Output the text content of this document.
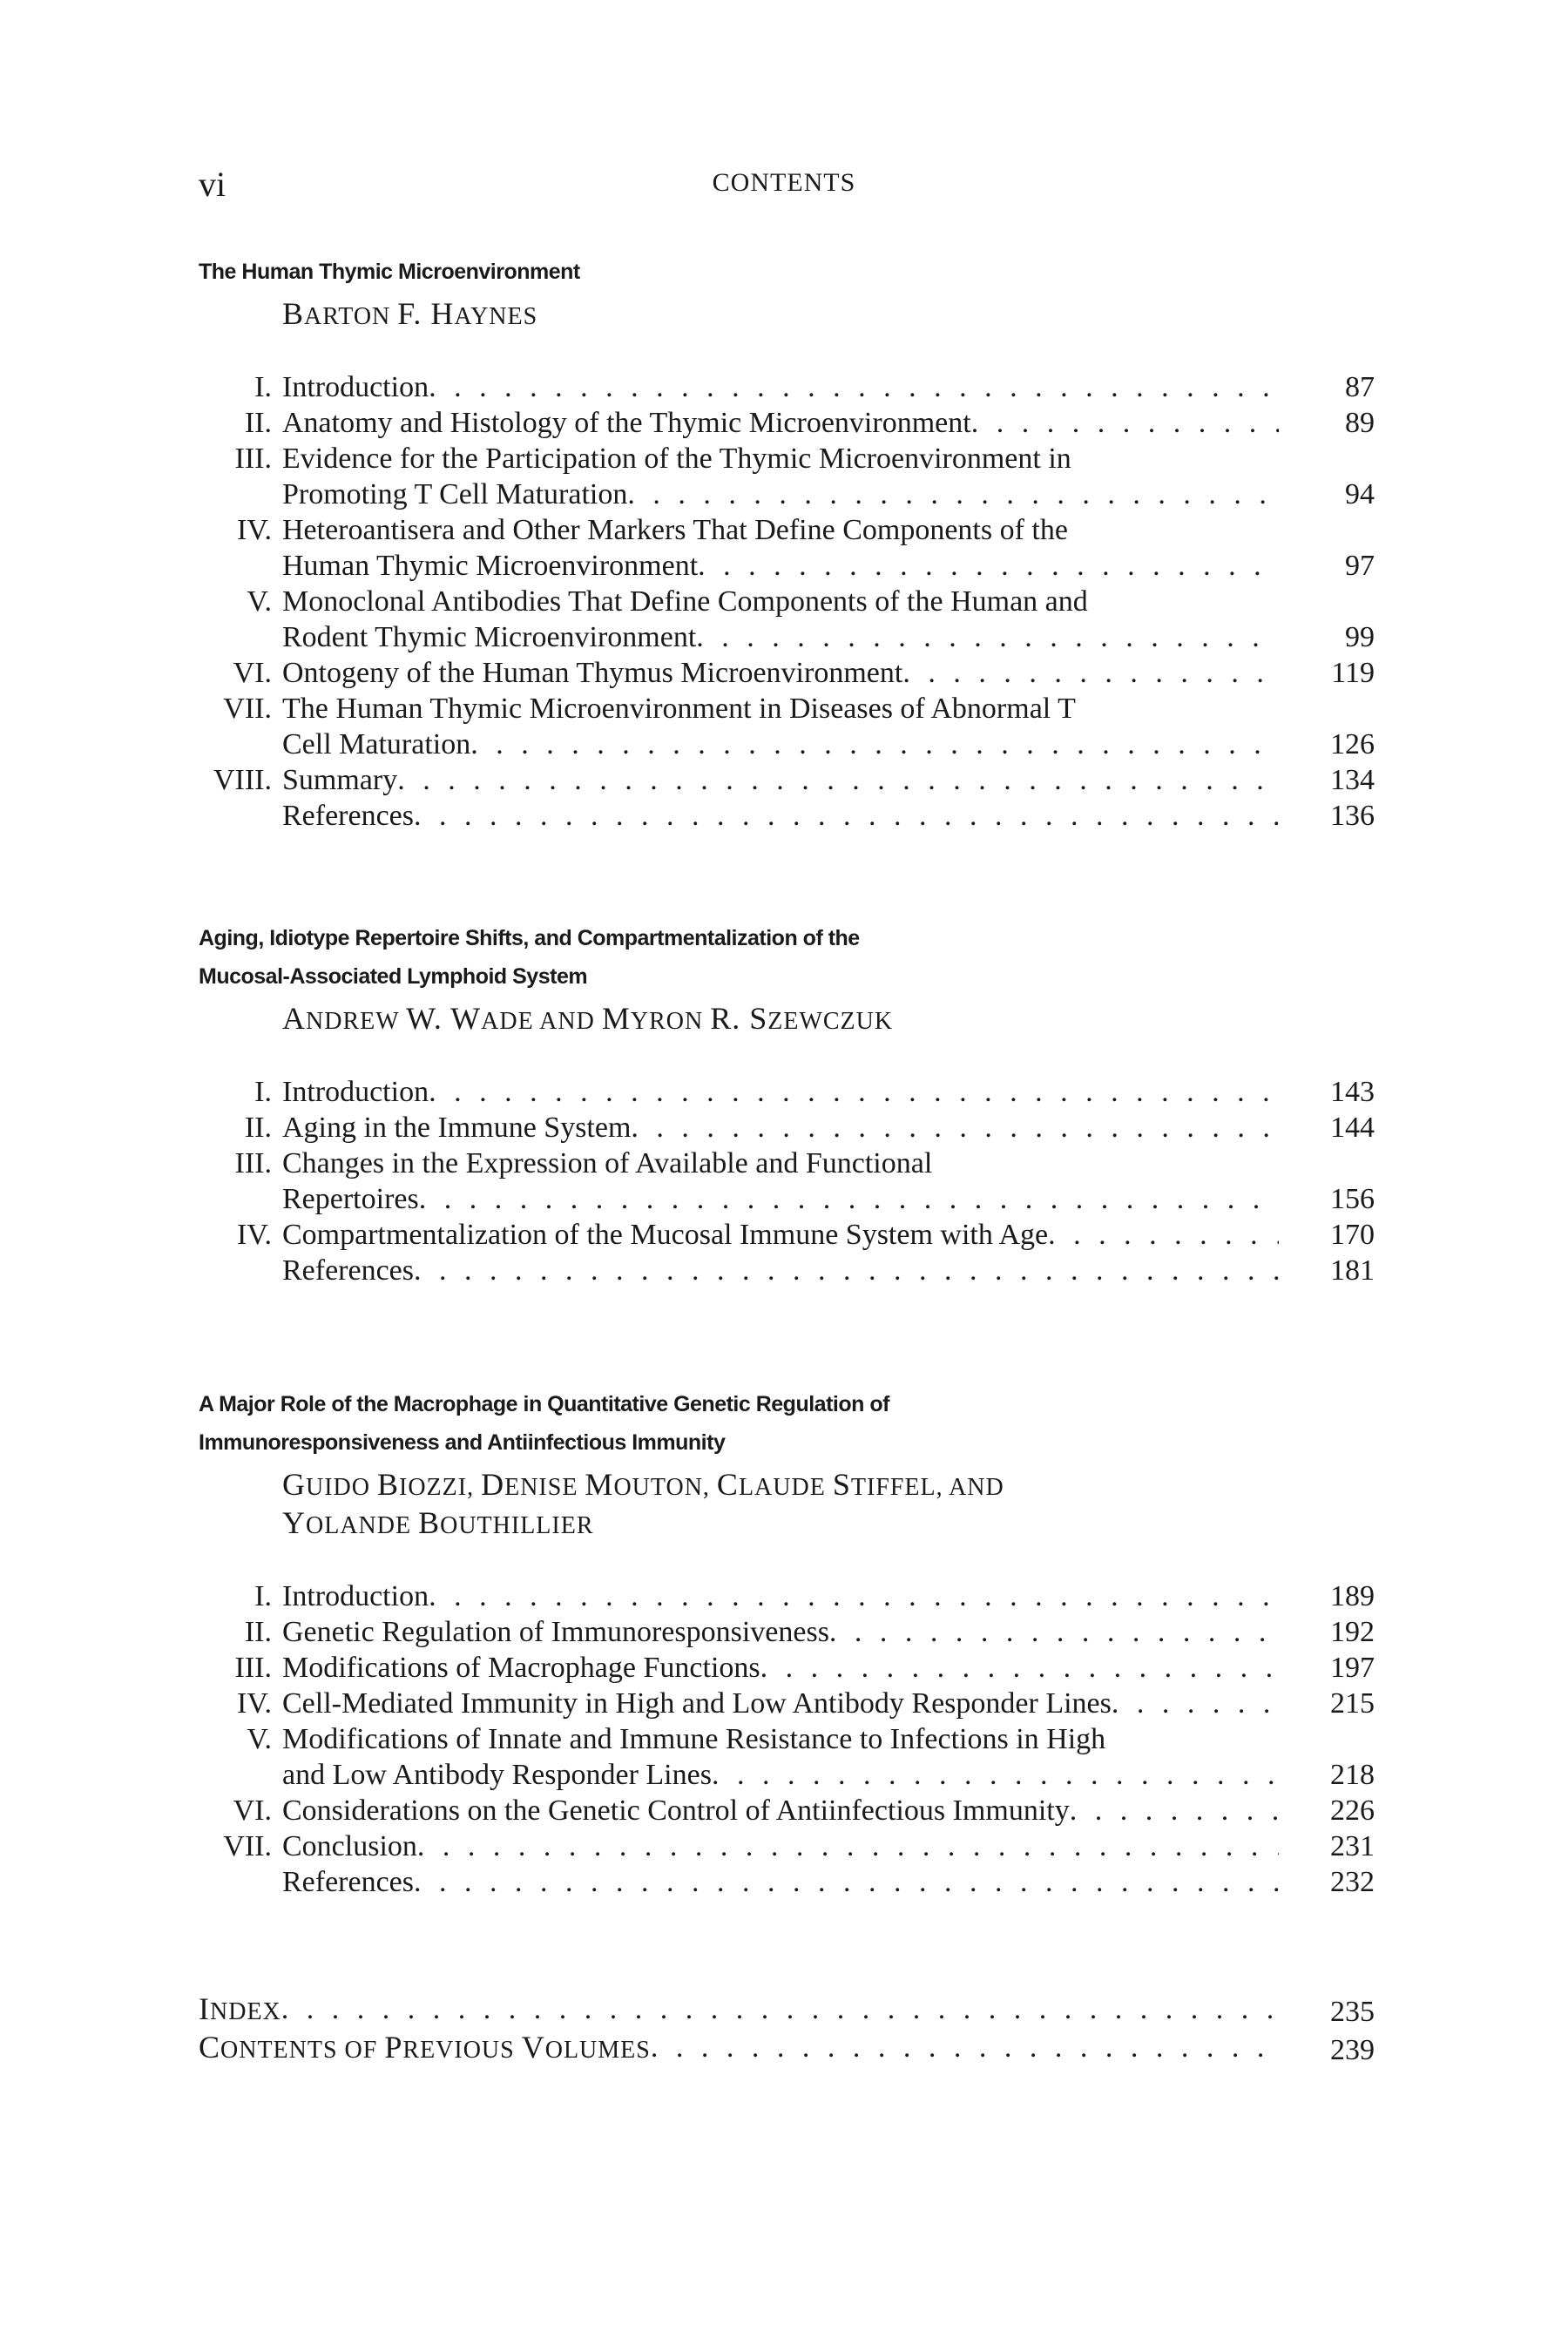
vi	CONTENTS
The Human Thymic Microenvironment
BARTON F. HAYNES
I. Introduction . . .	87
II. Anatomy and Histology of the Thymic Microenvironment . . .	89
III. Evidence for the Participation of the Thymic Microenvironment in
Promoting T Cell Maturation . . .	94
IV. Heteroantisera and Other Markers That Define Components of the
Human Thymic Microenvironment . . .	97
V. Monoclonal Antibodies That Define Components of the Human and
Rodent Thymic Microenvironment . . .	99
VI. Ontogeny of the Human Thymus Microenvironment . . .	119
VII. The Human Thymic Microenvironment in Diseases of Abnormal T
Cell Maturation . . .	126
VIII. Summary . . .	134
References . . .	136
Aging, Idiotype Repertoire Shifts, and Compartmentalization of the
Mucosal-Associated Lymphoid System
ANDREW W. WADE AND MYRON R. SZEWCZUK
I. Introduction . . .	143
II. Aging in the Immune System . . .	144
III. Changes in the Expression of Available and Functional
Repertoires . . .	156
IV. Compartmentalization of the Mucosal Immune System with Age . . .	170
References . . .	181
A Major Role of the Macrophage in Quantitative Genetic Regulation of
Immunoresponsiveness and Antiinfectious Immunity
GUIDO BIOZZI, DENISE MOUTON, CLAUDE STIFFEL, AND
YOLANDE BOUTHILLIER
I. Introduction . . .	189
II. Genetic Regulation of Immunoresponsiveness . . .	192
III. Modifications of Macrophage Functions . . .	197
IV. Cell-Mediated Immunity in High and Low Antibody Responder Lines . . .	215
V. Modifications of Innate and Immune Resistance to Infections in High
and Low Antibody Responder Lines . . .	218
VI. Considerations on the Genetic Control of Antiinfectious Immunity . . .	226
VII. Conclusion . . .	231
References . . .	232
INDEX . . .	235
CONTENTS OF PREVIOUS VOLUMES . . .	239
